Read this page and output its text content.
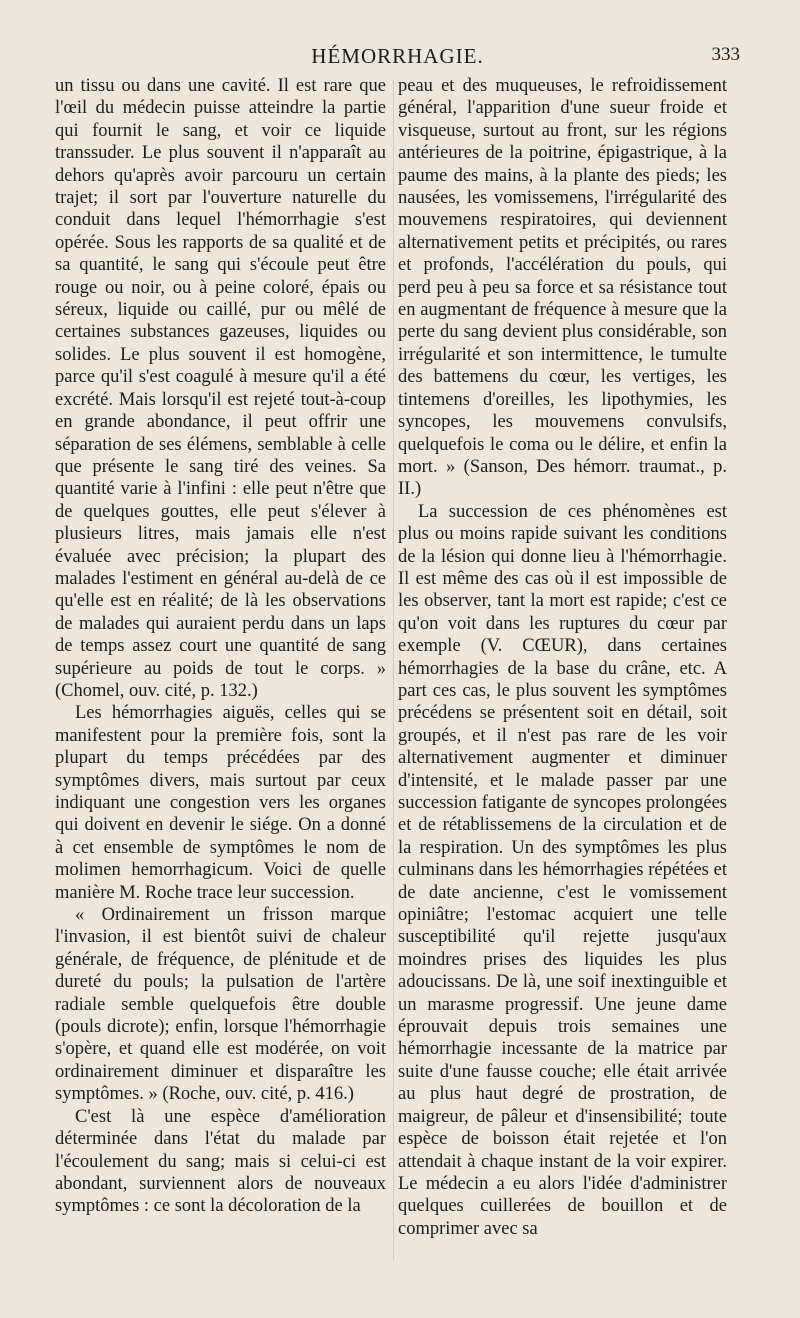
HÉMORRHAGIE.	333

un tissu ou dans une cavité. Il est rare que l'œil du médecin puisse atteindre la partie qui fournit le sang, et voir ce liquide transsuder. Le plus souvent il n'apparaît au dehors qu'après avoir parcouru un certain trajet; il sort par l'ouverture naturelle du conduit dans lequel l'hémorrhagie s'est opérée. Sous les rapports de sa qualité et de sa quantité, le sang qui s'écoule peut être rouge ou noir, ou à peine coloré, épais ou séreux, liquide ou caillé, pur ou mêlé de certaines substances gazeuses, liquides ou solides. Le plus souvent il est homogène, parce qu'il s'est coagulé à mesure qu'il a été excrété. Mais lorsqu'il est rejeté tout-à-coup en grande abondance, il peut offrir une séparation de ses élémens, semblable à celle que présente le sang tiré des veines. Sa quantité varie à l'infini : elle peut n'être que de quelques gouttes, elle peut s'élever à plusieurs litres, mais jamais elle n'est évaluée avec précision; la plupart des malades l'estiment en général au-delà de ce qu'elle est en réalité; de là les observations de malades qui auraient perdu dans un laps de temps assez court une quantité de sang supérieure au poids de tout le corps. » (Chomel, ouv. cité, p. 132.)

Les hémorrhagies aiguës, celles qui se manifestent pour la première fois, sont la plupart du temps précédées par des symptômes divers, mais surtout par ceux indiquant une congestion vers les organes qui doivent en devenir le siége. On a donné à cet ensemble de symptômes le nom de molimen hemorrhagicum. Voici de quelle manière M. Roche trace leur succession.

« Ordinairement un frisson marque l'invasion, il est bientôt suivi de chaleur générale, de fréquence, de plénitude et de dureté du pouls; la pulsation de l'artère radiale semble quelquefois être double (pouls dicrote); enfin, lorsque l'hémorrhagie s'opère, et quand elle est modérée, on voit ordinairement diminuer et disparaître les symptômes. » (Roche, ouv. cité, p. 416.)

C'est là une espèce d'amélioration déterminée dans l'état du malade par l'écoulement du sang; mais si celui-ci est abondant, surviennent alors de nouveaux symptômes : ce sont la décoloration de la

peau et des muqueuses, le refroidissement général, l'apparition d'une sueur froide et visqueuse, surtout au front, sur les régions antérieures de la poitrine, épigastrique, à la paume des mains, à la plante des pieds; les nausées, les vomissemens, l'irrégularité des mouvemens respiratoires, qui deviennent alternativement petits et précipités, ou rares et profonds, l'accélération du pouls, qui perd peu à peu sa force et sa résistance tout en augmentant de fréquence à mesure que la perte du sang devient plus considérable, son irrégularité et son intermittence, le tumulte des battemens du cœur, les vertiges, les tintemens d'oreilles, les lipothymies, les syncopes, les mouvemens convulsifs, quelquefois le coma ou le délire, et enfin la mort. » (Sanson, Des hémorr. traumat., p. II.)

La succession de ces phénomènes est plus ou moins rapide suivant les conditions de la lésion qui donne lieu à l'hémorrhagie. Il est même des cas où il est impossible de les observer, tant la mort est rapide; c'est ce qu'on voit dans les ruptures du cœur par exemple (V. CŒUR), dans certaines hémorrhagies de la base du crâne, etc. A part ces cas, le plus souvent les symptômes précédens se présentent soit en détail, soit groupés, et il n'est pas rare de les voir alternativement augmenter et diminuer d'intensité, et le malade passer par une succession fatigante de syncopes prolongées et de rétablissemens de la circulation et de la respiration. Un des symptômes les plus culminans dans les hémorrhagies répétées et de date ancienne, c'est le vomissement opiniâtre; l'estomac acquiert une telle susceptibilité qu'il rejette jusqu'aux moindres prises des liquides les plus adoucissans. De là, une soif inextinguible et un marasme progressif. Une jeune dame éprouvait depuis trois semaines une hémorrhagie incessante de la matrice par suite d'une fausse couche; elle était arrivée au plus haut degré de prostration, de maigreur, de pâleur et d'insensibilité; toute espèce de boisson était rejetée et l'on attendait à chaque instant de la voir expirer. Le médecin a eu alors l'idée d'administrer quelques cuillerées de bouillon et de comprimer avec sa
